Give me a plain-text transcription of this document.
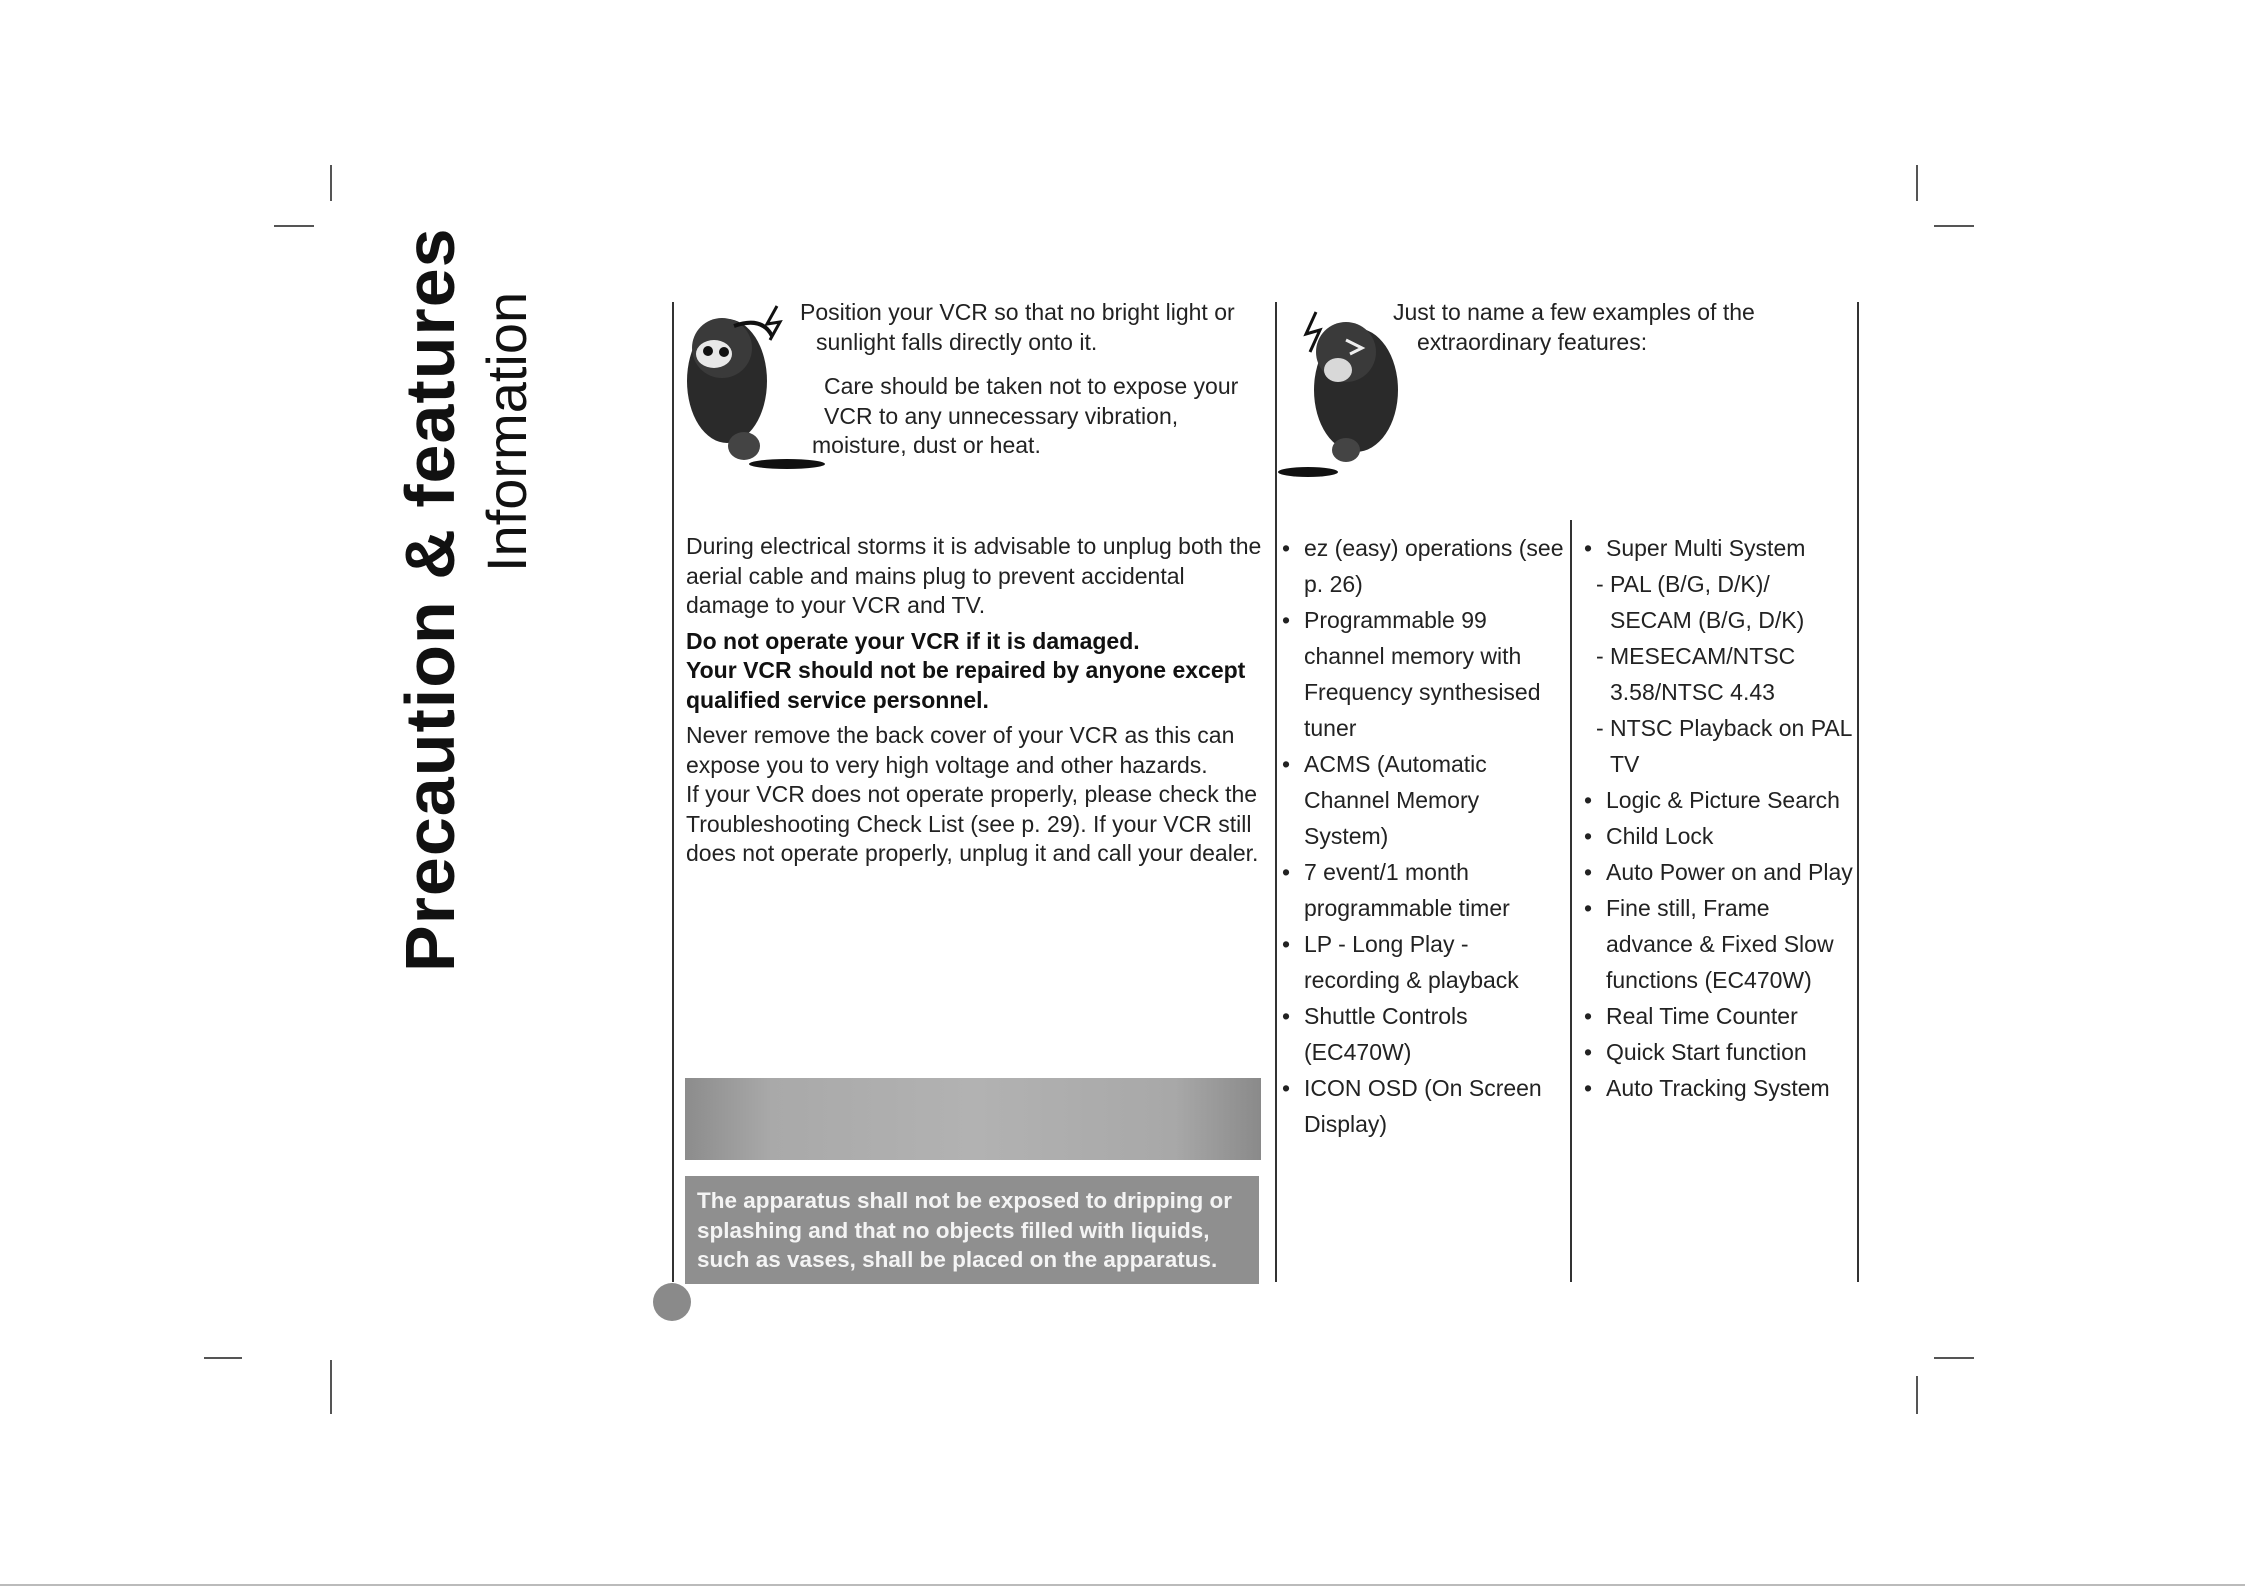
Precaution & features Information	Position your VCR so that no bright light or

sunlight falls directly onto it.

Care should be taken not to expose your

VCR to any unnecessary vibration,

moisture, dust or heat.

During electrical storms it is advisable to unplug both the aerial cable and mains plug to prevent accidental damage to your VCR and TV.

Do not operate your VCR if it is damaged.

Your VCR should not be repaired by anyone except qualified service personnel.

Never remove the back cover of your VCR as this can expose you to very high voltage and other hazards.

If your VCR does not operate properly, please check the Troubleshooting Check List (see p. 29). If your VCR still does not operate properly, unplug it and call your dealer.

The apparatus shall not be exposed to dripping or splashing and that no objects filled with liquids, such as vases, shall be placed on the apparatus.

Just to name a few examples of the

extraordinary features:

• ez (easy) operations (see p. 26)
• Programmable 99 channel memory with Frequency synthesised tuner
• ACMS (Automatic Channel Memory System)
• 7 event/1 month programmable timer
• LP - Long Play - recording & playback
• Shuttle Controls (EC470W)
• ICON OSD (On Screen Display)
• Super Multi System
- PAL (B/G, D/K)/ SECAM (B/G, D/K)
- MESECAM/NTSC 3.58/NTSC 4.43
- NTSC Playback on PAL TV
• Logic & Picture Search
• Child Lock
• Auto Power on and Play
• Fine still, Frame advance & Fixed Slow functions (EC470W)
• Real Time Counter
• Quick Start function
• Auto Tracking System
